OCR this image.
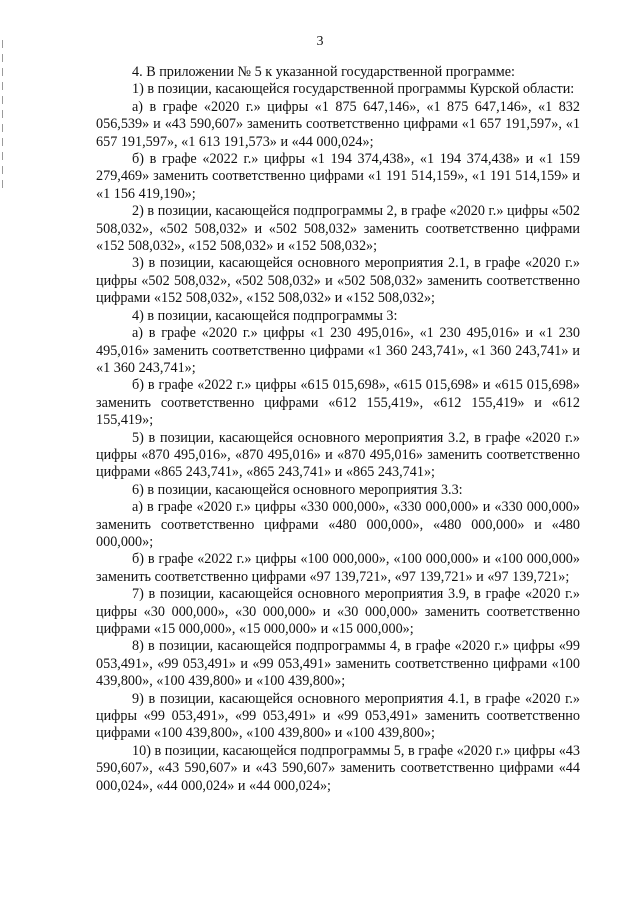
3

4. В приложении № 5 к указанной государственной программе:

1) в позиции, касающейся государственной программы Курской области:

а) в графе «2020 г.» цифры «1 875 647,146», «1 875 647,146», «1 832 056,539» и «43 590,607» заменить соответственно цифрами «1 657 191,597», «1 657 191,597», «1 613 191,573» и «44 000,024»;

б) в графе «2022 г.» цифры «1 194 374,438», «1 194 374,438» и «1 159 279,469» заменить соответственно цифрами «1 191 514,159», «1 191 514,159» и «1 156 419,190»;

2) в позиции, касающейся подпрограммы 2, в графе «2020 г.» цифры «502 508,032», «502 508,032» и «502 508,032» заменить соответственно цифрами «152 508,032», «152 508,032» и «152 508,032»;

3) в позиции, касающейся основного мероприятия 2.1, в графе «2020 г.» цифры «502 508,032», «502 508,032» и «502 508,032» заменить соответственно цифрами «152 508,032», «152 508,032» и «152 508,032»;

4) в позиции, касающейся подпрограммы 3:

а) в графе «2020 г.» цифры «1 230 495,016», «1 230 495,016» и «1 230 495,016» заменить соответственно цифрами «1 360 243,741», «1 360 243,741» и «1 360 243,741»;

б) в графе «2022 г.» цифры «615 015,698», «615 015,698» и «615 015,698» заменить соответственно цифрами «612 155,419», «612 155,419» и «612 155,419»;

5) в позиции, касающейся основного мероприятия 3.2, в графе «2020 г.» цифры «870 495,016», «870 495,016» и «870 495,016» заменить соответственно цифрами «865 243,741», «865 243,741» и «865 243,741»;

6) в позиции, касающейся основного мероприятия 3.3:

а) в графе «2020 г.» цифры «330 000,000», «330 000,000» и «330 000,000» заменить соответственно цифрами «480 000,000», «480 000,000» и «480 000,000»;

б) в графе «2022 г.» цифры «100 000,000», «100 000,000» и «100 000,000» заменить соответственно цифрами «97 139,721», «97 139,721» и «97 139,721»;

7) в позиции, касающейся основного мероприятия 3.9, в графе «2020 г.» цифры «30 000,000», «30 000,000» и «30 000,000» заменить соответственно цифрами «15 000,000», «15 000,000» и «15 000,000»;

8) в позиции, касающейся подпрограммы 4, в графе «2020 г.» цифры «99 053,491», «99 053,491» и «99 053,491» заменить соответственно цифрами «100 439,800», «100 439,800» и «100 439,800»;

9) в позиции, касающейся основного мероприятия 4.1, в графе «2020 г.» цифры «99 053,491», «99 053,491» и «99 053,491» заменить соответственно цифрами «100 439,800», «100 439,800» и «100 439,800»;

10) в позиции, касающейся подпрограммы 5, в графе «2020 г.» цифры «43 590,607», «43 590,607» и «43 590,607» заменить соответственно цифрами «44 000,024», «44 000,024» и «44 000,024»;
